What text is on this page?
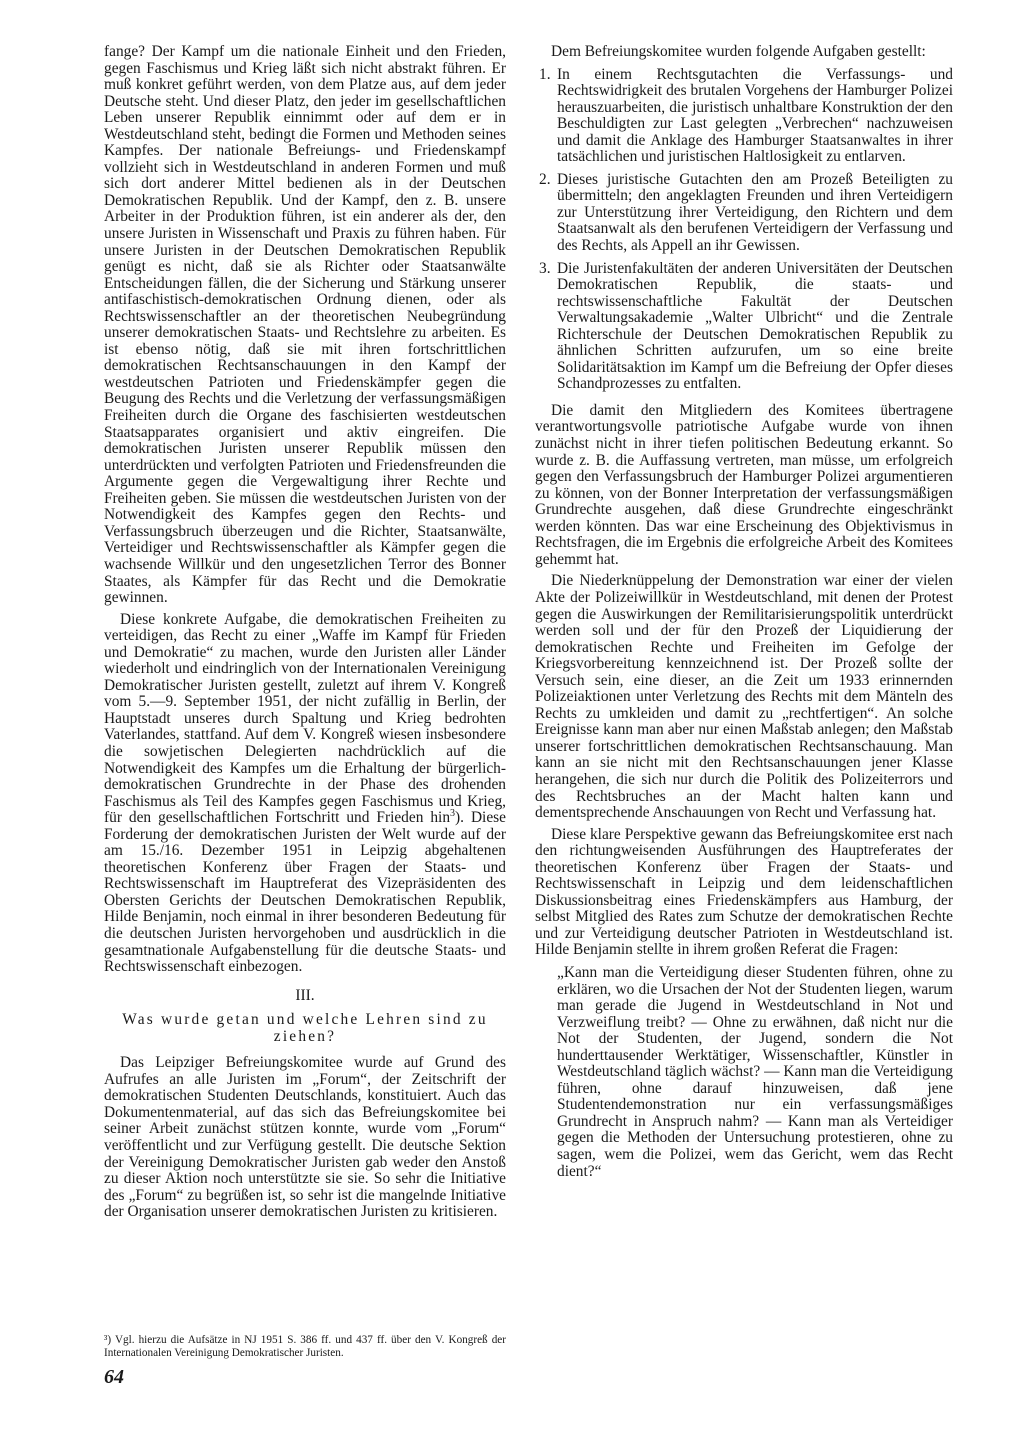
fange? Der Kampf um die nationale Einheit und den Frieden, gegen Faschismus und Krieg läßt sich nicht abstrakt führen. Er muß konkret geführt werden, von dem Platze aus, auf dem jeder Deutsche steht. Und dieser Platz, den jeder im gesellschaftlichen Leben unserer Republik einnimmt oder auf dem er in Westdeutschland steht, bedingt die Formen und Methoden seines Kampfes. Der nationale Befreiungs- und Friedenskampf vollzieht sich in Westdeutschland in anderen Formen und muß sich dort anderer Mittel bedienen als in der Deutschen Demokratischen Republik. Und der Kampf, den z. B. unsere Arbeiter in der Produktion führen, ist ein anderer als der, den unsere Juristen in Wissenschaft und Praxis zu führen haben. Für unsere Juristen in der Deutschen Demokratischen Republik genügt es nicht, daß sie als Richter oder Staatsanwälte Entscheidungen fällen, die der Sicherung und Stärkung unserer antifaschistisch-demokratischen Ordnung dienen, oder als Rechtswissenschaftler an der theoretischen Neubegründung unserer demokratischen Staats- und Rechtslehre zu arbeiten. Es ist ebenso nötig, daß sie mit ihren fortschrittlichen demokratischen Rechtsanschauungen in den Kampf der westdeutschen Patrioten und Friedenskämpfer gegen die Beugung des Rechts und die Verletzung der verfassungsmäßigen Freiheiten durch die Organe des faschisierten westdeutschen Staatsapparates organisiert und aktiv eingreifen. Die demokratischen Juristen unserer Republik müssen den unterdrückten und verfolgten Patrioten und Friedensfreunden die Argumente gegen die Vergewaltigung ihrer Rechte und Freiheiten geben. Sie müssen die westdeutschen Juristen von der Notwendigkeit des Kampfes gegen den Rechts- und Verfassungsbruch überzeugen und die Richter, Staatsanwälte, Verteidiger und Rechtswissenschaftler als Kämpfer gegen die wachsende Willkür und den ungesetzlichen Terror des Bonner Staates, als Kämpfer für das Recht und die Demokratie gewinnen.

Diese konkrete Aufgabe, die demokratischen Freiheiten zu verteidigen, das Recht zu einer „Waffe im Kampf für Frieden und Demokratie“ zu machen, wurde den Juristen aller Länder wiederholt und eindringlich von der Internationalen Vereinigung Demokratischer Juristen gestellt, zuletzt auf ihrem V. Kongreß vom 5.—9. September 1951, der nicht zufällig in Berlin, der Hauptstadt unseres durch Spaltung und Krieg bedrohten Vaterlandes, stattfand. Auf dem V. Kongreß wiesen insbesondere die sowjetischen Delegierten nachdrücklich auf die Notwendigkeit des Kampfes um die Erhaltung der bürgerlich-demokratischen Grundrechte in der Phase des drohenden Faschismus als Teil des Kampfes gegen Faschismus und Krieg, für den gesellschaftlichen Fortschritt und Frieden hin$^3$). Diese Forderung der demokratischen Juristen der Welt wurde auf der am 15./16. Dezember 1951 in Leipzig abgehaltenen theoretischen Konferenz über Fragen der Staats- und Rechtswissenschaft im Hauptreferat des Vizepräsidenten des Obersten Gerichts der Deutschen Demokratischen Republik, Hilde Benjamin, noch einmal in ihrer besonderen Bedeutung für die deutschen Juristen hervorgehoben und ausdrücklich in die gesamtnationale Aufgabenstellung für die deutsche Staats- und Rechtswissenschaft einbezogen.

III.
Was wurde getan und welche Lehren sind zu ziehen?

Das Leipziger Befreiungskomitee wurde auf Grund des Aufrufes an alle Juristen im „Forum“, der Zeitschrift der demokratischen Studenten Deutschlands, konstituiert. Auch das Dokumentenmaterial, auf das sich das Befreiungskomitee bei seiner Arbeit zunächst stützen konnte, wurde vom „Forum“ veröffentlicht und zur Verfügung gestellt. Die deutsche Sektion der Vereinigung Demokratischer Juristen gab weder den Anstoß zu dieser Aktion noch unterstützte sie sie. So sehr die Initiative des „Forum“ zu begrüßen ist, so sehr ist die mangelnde Initiative der Organisation unserer demokratischen Juristen zu kritisieren.

³) Vgl. hierzu die Aufsätze in NJ 1951 S. 386 ff. und 437 ff. über den V. Kongreß der Internationalen Vereinigung Demokratischer Juristen.
64

Dem Befreiungskomitee wurden folgende Aufgaben gestellt:

1. In einem Rechtsgutachten die Verfassungs- und Rechtswidrigkeit des brutalen Vorgehens der Hamburger Polizei herauszuarbeiten, die juristisch unhaltbare Konstruktion der den Beschuldigten zur Last gelegten „Verbrechen“ nachzuweisen und damit die Anklage des Hamburger Staatsanwaltes in ihrer tatsächlichen und juristischen Haltlosigkeit zu entlarven.
2. Dieses juristische Gutachten den am Prozeß Beteiligten zu übermitteln; den angeklagten Freunden und ihren Verteidigern zur Unterstützung ihrer Verteidigung, den Richtern und dem Staatsanwalt als den berufenen Verteidigern der Verfassung und des Rechts, als Appell an ihr Gewissen.
3. Die Juristenfakultäten der anderen Universitäten der Deutschen Demokratischen Republik, die staats- und rechtswissenschaftliche Fakultät der Deutschen Verwaltungsakademie „Walter Ulbricht“ und die Zentrale Richterschule der Deutschen Demokratischen Republik zu ähnlichen Schritten aufzurufen, um so eine breite Solidaritätsaktion im Kampf um die Befreiung der Opfer dieses Schandprozesses zu entfalten.

Die damit den Mitgliedern des Komitees übertragene verantwortungsvolle patriotische Aufgabe wurde von ihnen zunächst nicht in ihrer tiefen politischen Bedeutung erkannt. So wurde z. B. die Auffassung vertreten, man müsse, um erfolgreich gegen den Verfassungsbruch der Hamburger Polizei argumentieren zu können, von der Bonner Interpretation der verfassungsmäßigen Grundrechte ausgehen, daß diese Grundrechte eingeschränkt werden könnten. Das war eine Erscheinung des Objektivismus in Rechtsfragen, die im Ergebnis die erfolgreiche Arbeit des Komitees gehemmt hat.

Die Niederknüppelung der Demonstration war einer der vielen Akte der Polizeiwillkür in Westdeutschland, mit denen der Protest gegen die Auswirkungen der Remilitarisierungspolitik unterdrückt werden soll und der für den Prozeß der Liquidierung der demokratischen Rechte und Freiheiten im Gefolge der Kriegsvorbereitung kennzeichnend ist. Der Prozeß sollte der Versuch sein, eine dieser, an die Zeit um 1933 erinnernden Polizeiaktionen unter Verletzung des Rechts mit dem Mänteln des Rechts zu umkleiden und damit zu „rechtfertigen“. An solche Ereignisse kann man aber nur einen Maßstab anlegen; den Maßstab unserer fortschrittlichen demokratischen Rechtsanschauung. Man kann an sie nicht mit den Rechtsanschauungen jener Klasse herangehen, die sich nur durch die Politik des Polizeiterrors und des Rechtsbruches an der Macht halten kann und dementsprechende Anschauungen von Recht und Verfassung hat.

Diese klare Perspektive gewann das Befreiungskomitee erst nach den richtungweisenden Ausführungen des Hauptreferates der theoretischen Konferenz über Fragen der Staats- und Rechtswissenschaft in Leipzig und dem leidenschaftlichen Diskussionsbeitrag eines Friedenskämpfers aus Hamburg, der selbst Mitglied des Rates zum Schutze der demokratischen Rechte und zur Verteidigung deutscher Patrioten in Westdeutschland ist. Hilde Benjamin stellte in ihrem großen Referat die Fragen:

„Kann man die Verteidigung dieser Studenten führen, ohne zu erklären, wo die Ursachen der Not der Studenten liegen, warum man gerade die Jugend in Westdeutschland in Not und Verzweiflung treibt? — Ohne zu erwähnen, daß nicht nur die Not der Studenten, der Jugend, sondern die Not hunderttausender Werktätiger, Wissenschaftler, Künstler in Westdeutschland täglich wächst? — Kann man die Verteidigung führen, ohne darauf hinzuweisen, daß jene Studentendemonstration nur ein verfassungsmäßiges Grundrecht in Anspruch nahm? — Kann man als Verteidiger gegen die Methoden der Untersuchung protestieren, ohne zu sagen, wem die Polizei, wem das Gericht, wem das Recht dient?“
